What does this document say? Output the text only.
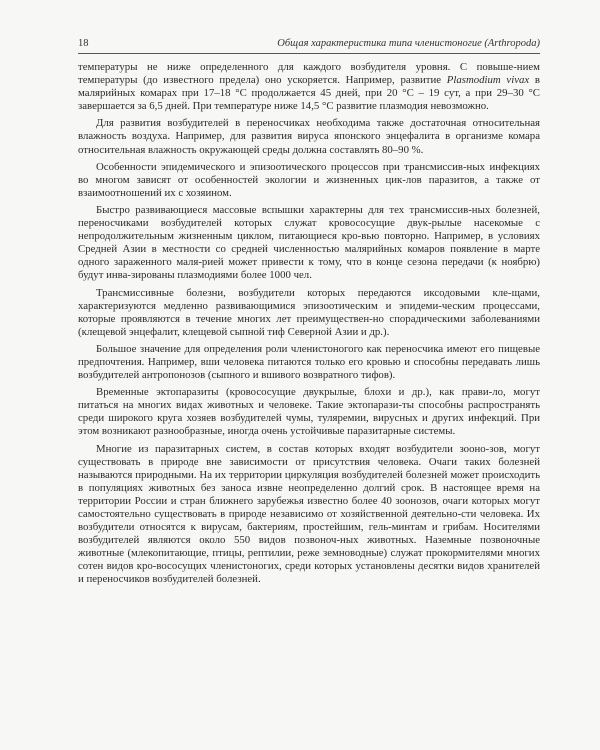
18	Общая характеристика типа членистоногие (Arthropoda)

температуры не ниже определенного для каждого возбудителя уровня. С повыше-нием температуры (до известного предела) оно ускоряется. Например, развитие Plasmodium vivax в малярийных комарах при 17–18 °С продолжается 45 дней, при 20 °С – 19 сут, а при 29–30 °С завершается за 6,5 дней. При температуре ниже 14,5 °С развитие плазмодия невозможно.

Для развития возбудителей в переносчиках необходима также достаточная относительная влажность воздуха. Например, для развития вируса японского энцефалита в организме комара относительная влажность окружающей среды должна составлять 80–90 %.

Особенности эпидемического и эпизоотического процессов при трансмиссив-ных инфекциях во многом зависят от особенностей экологии и жизненных цик-лов паразитов, а также от взаимоотношений их с хозяином.

Быстро развивающиеся массовые вспышки характерны для тех трансмиссив-ных болезней, переносчиками возбудителей которых служат кровососущие двук-рылые насекомые с непродолжительным жизненным циклом, питающиеся кро-вью повторно. Например, в условиях Средней Азии в местности со средней численностью малярийных комаров появление в марте одного зараженного маля-рией может привести к тому, что в конце сезона передачи (к ноябрю) будут инва-зированы плазмодиями более 1000 чел.

Трансмиссивные болезни, возбудители которых передаются иксодовыми кле-щами, характеризуются медленно развивающимися эпизоотическим и эпидеми-ческим процессами, которые проявляются в течение многих лет преимуществен-но спорадическими заболеваниями (клещевой энцефалит, клещевой сыпной тиф Северной Азии и др.).

Большое значение для определения роли членистоногого как переносчика имеют его пищевые предпочтения. Например, вши человека питаются только его кровью и способны передавать лишь возбудителей антропонозов (сыпного и вшивого возвратного тифов).

Временные эктопаразиты (кровососущие двукрылые, блохи и др.), как прави-ло, могут питаться на многих видах животных и человеке. Такие эктопарази-ты способны распространять среди широкого круга хозяев возбудителей чумы, туляремии, вирусных и других инфекций. При этом возникают разнообразные, иногда очень устойчивые паразитарные системы.

Многие из паразитарных систем, в состав которых входят возбудители зооно-зов, могут существовать в природе вне зависимости от присутствия человека. Очаги таких болезней называются природными. На их территории циркуляция возбудителей болезней может происходить в популяциях животных без заноса извне неопределенно долгий срок. В настоящее время на территории России и стран ближнего зарубежья известно более 40 зоонозов, очаги которых могут самостоятельно существовать в природе независимо от хозяйственной деятельно-сти человека. Их возбудители относятся к вирусам, бактериям, простейшим, гель-минтам и грибам. Носителями возбудителей являются около 550 видов позвоноч-ных животных. Наземные позвоночные животные (млекопитающие, птицы, рептилии, реже земноводные) служат прокормителями многих сотен видов кро-вососущих членистоногих, среди которых установлены десятки видов хранителей и переносчиков возбудителей болезней.
